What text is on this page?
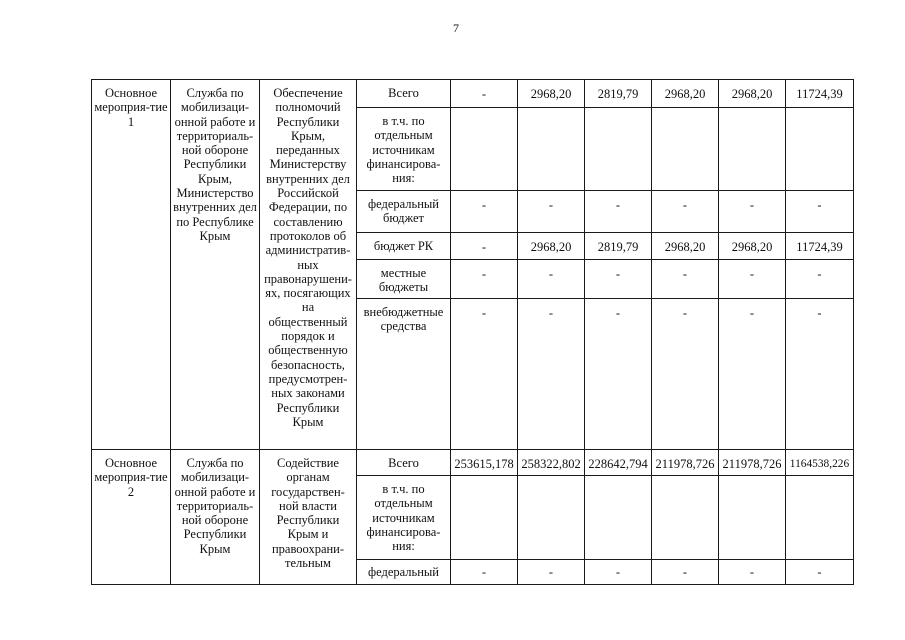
7
Основное мероприя-тие 1	Служба по мобилизаци-онной работе и территориаль-ной обороне Республики Крым, Министерство внутренних дел по Республике Крым	Обеспечение полномочий Республики Крым, переданных Министерству внутренних дел Российской Федерации, по составлению протоколов об административ-ных правонарушени-ях, посягающих на общественный порядок и общественную безопасность, предусмотрен-ных законами Республики Крым	Всего	-	2968,20	2819,79	2968,20	2968,20	11724,39
			в т.ч. по отдельным источникам финансирова-ния:						
			федеральный бюджет	-	-	-	-	-	-
			бюджет РК	-	2968,20	2819,79	2968,20	2968,20	11724,39
			местные бюджеты	-	-	-	-	-	-
			внебюджетные средства	-	-	-	-	-	-
Основное мероприя-тие 2	Служба по мобилизаци-онной работе и территориаль-ной обороне Республики Крым	Содействие органам государствен-ной власти Республики Крым и правоохрани-тельным	Всего	253615,178	258322,802	228642,794	211978,726	211978,726	1164538,226
			в т.ч. по отдельным источникам финансирова-ния:						
			федеральный	-	-	-	-	-	-
